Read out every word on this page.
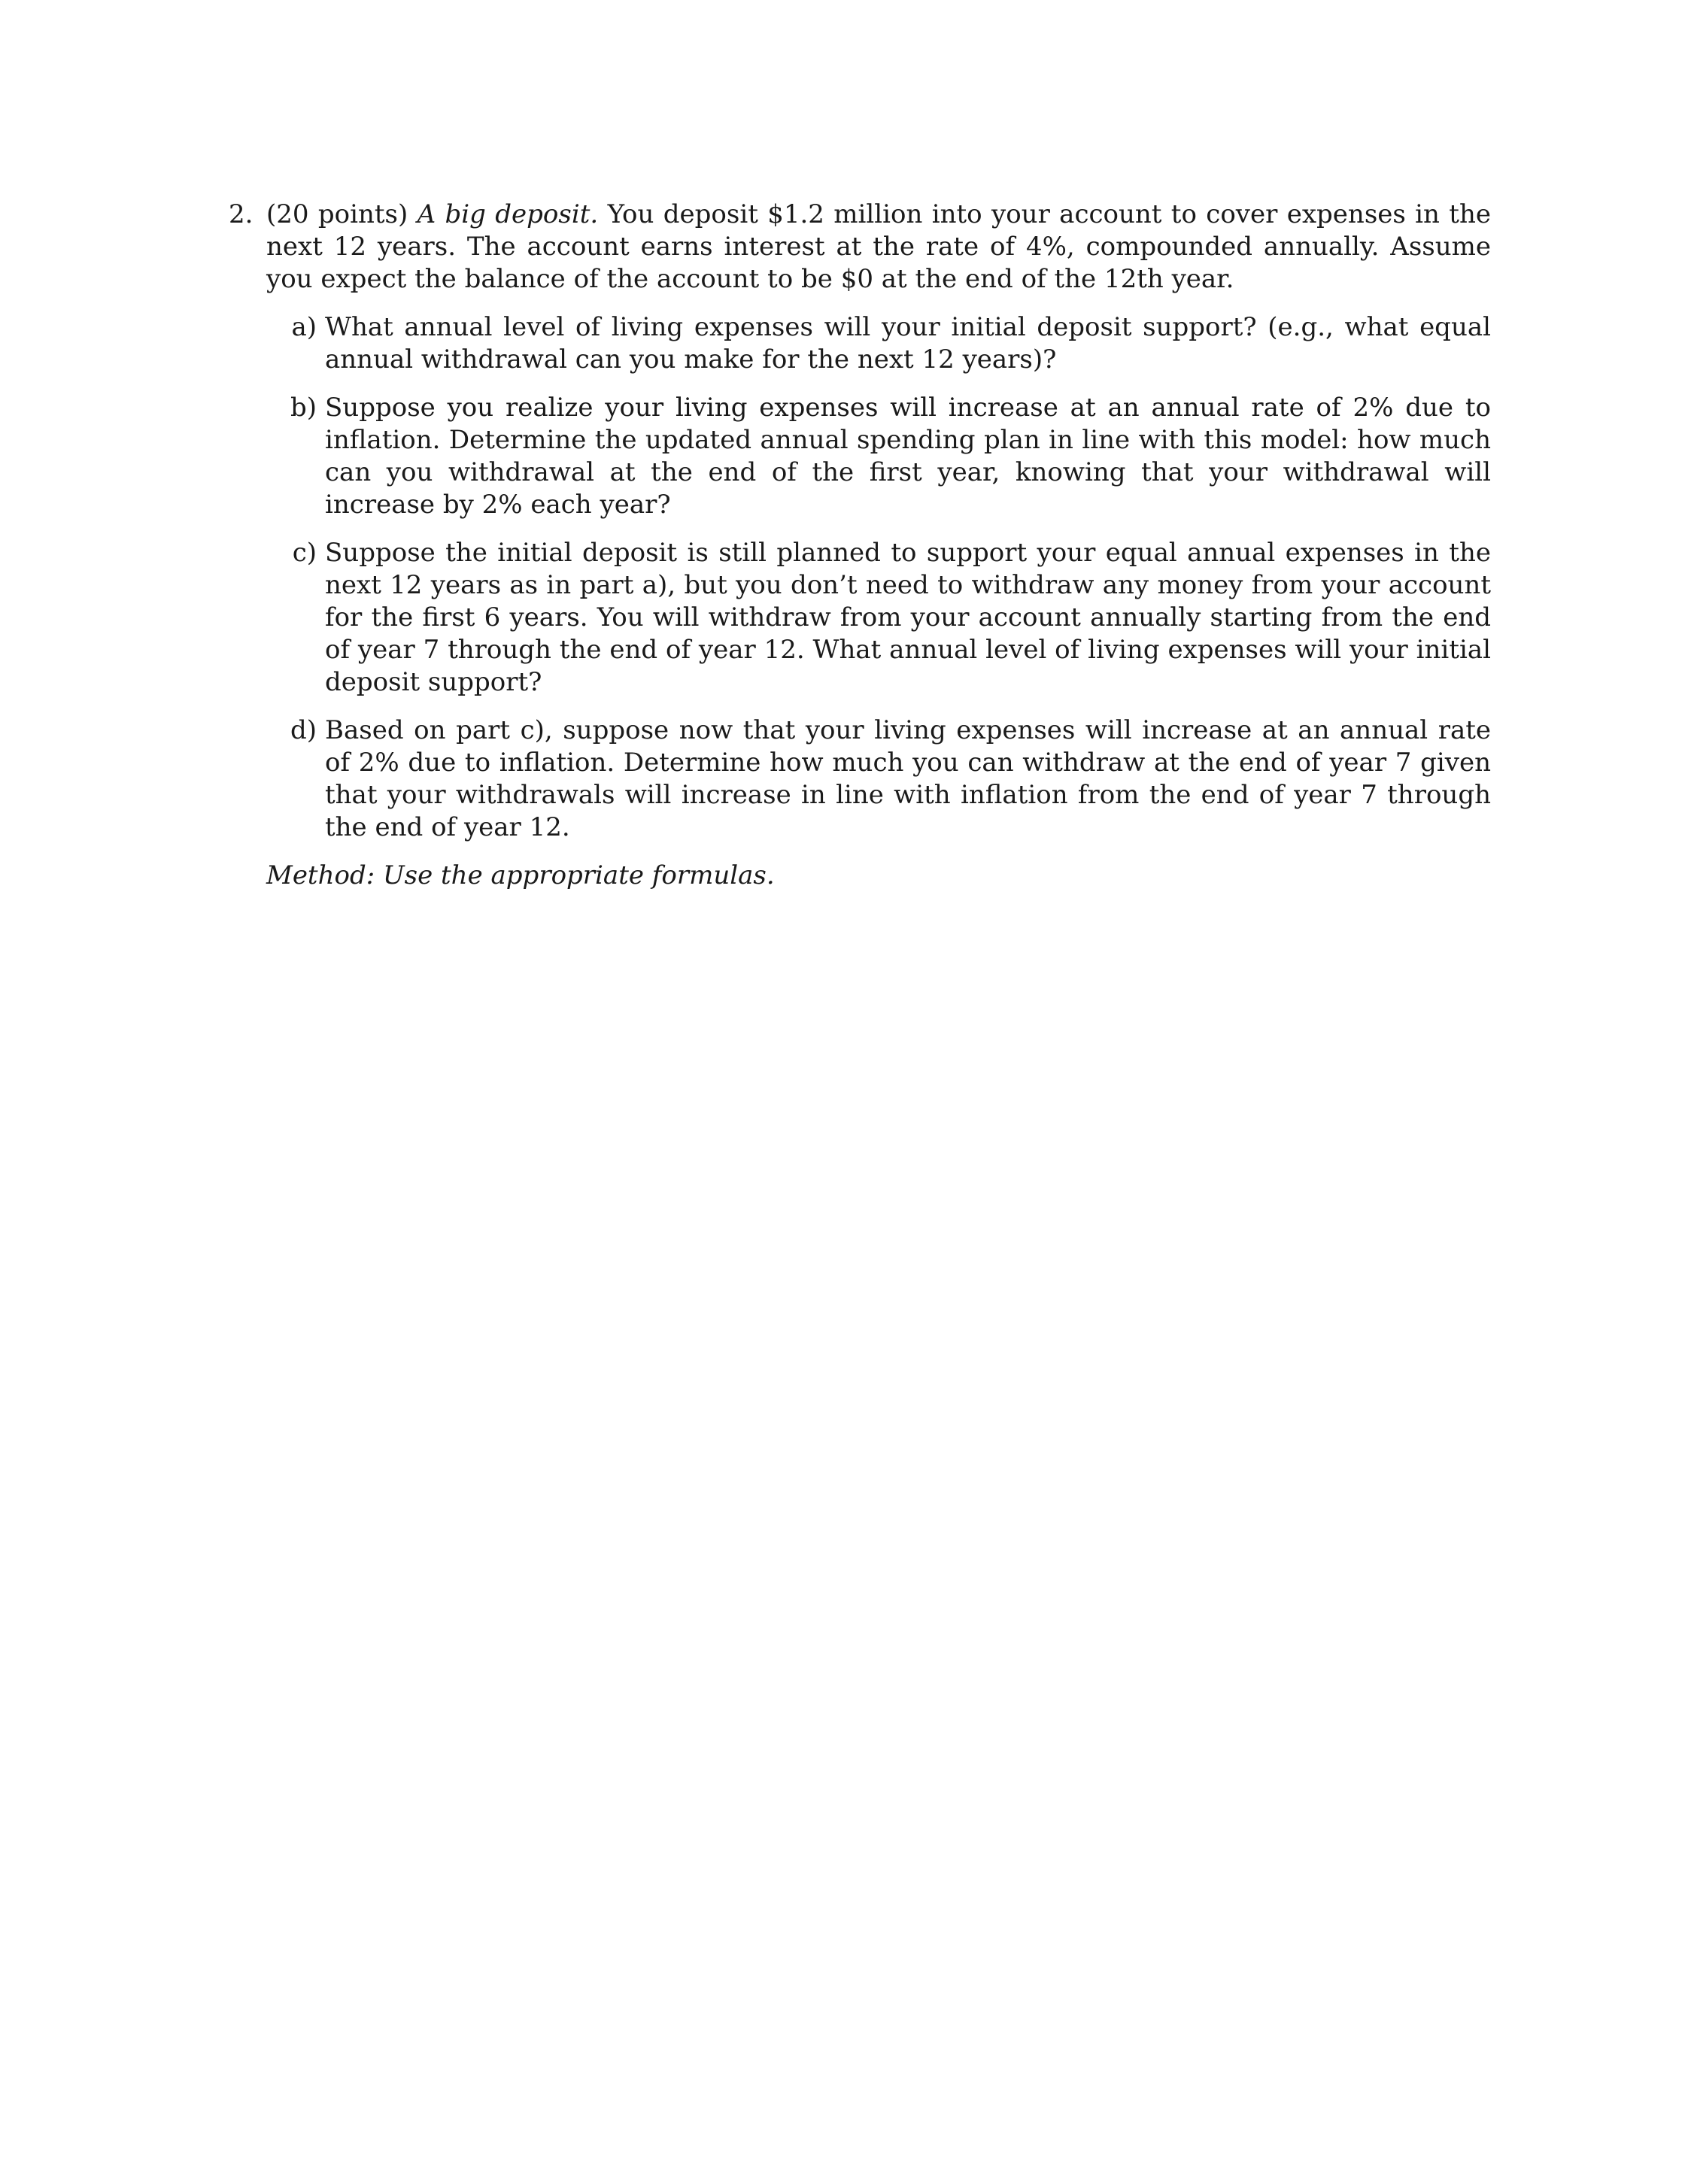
2. (20 points) A big deposit. You deposit $1.2 million into your account to cover expenses in the next 12 years. The account earns interest at the rate of 4%, compounded annually. Assume you expect the balance of the account to be $0 at the end of the 12th year.
a) What annual level of living expenses will your initial deposit support? (e.g., what equal annual withdrawal can you make for the next 12 years)?
b) Suppose you realize your living expenses will increase at an annual rate of 2% due to inflation. Determine the updated annual spending plan in line with this model: how much can you withdrawal at the end of the first year, knowing that your withdrawal will increase by 2% each year?
c) Suppose the initial deposit is still planned to support your equal annual expenses in the next 12 years as in part a), but you don’t need to withdraw any money from your account for the first 6 years. You will withdraw from your account annually starting from the end of year 7 through the end of year 12. What annual level of living expenses will your initial deposit support?
d) Based on part c), suppose now that your living expenses will increase at an annual rate of 2% due to inflation. Determine how much you can withdraw at the end of year 7 given that your withdrawals will increase in line with inflation from the end of year 7 through the end of year 12.
Method: Use the appropriate formulas.
